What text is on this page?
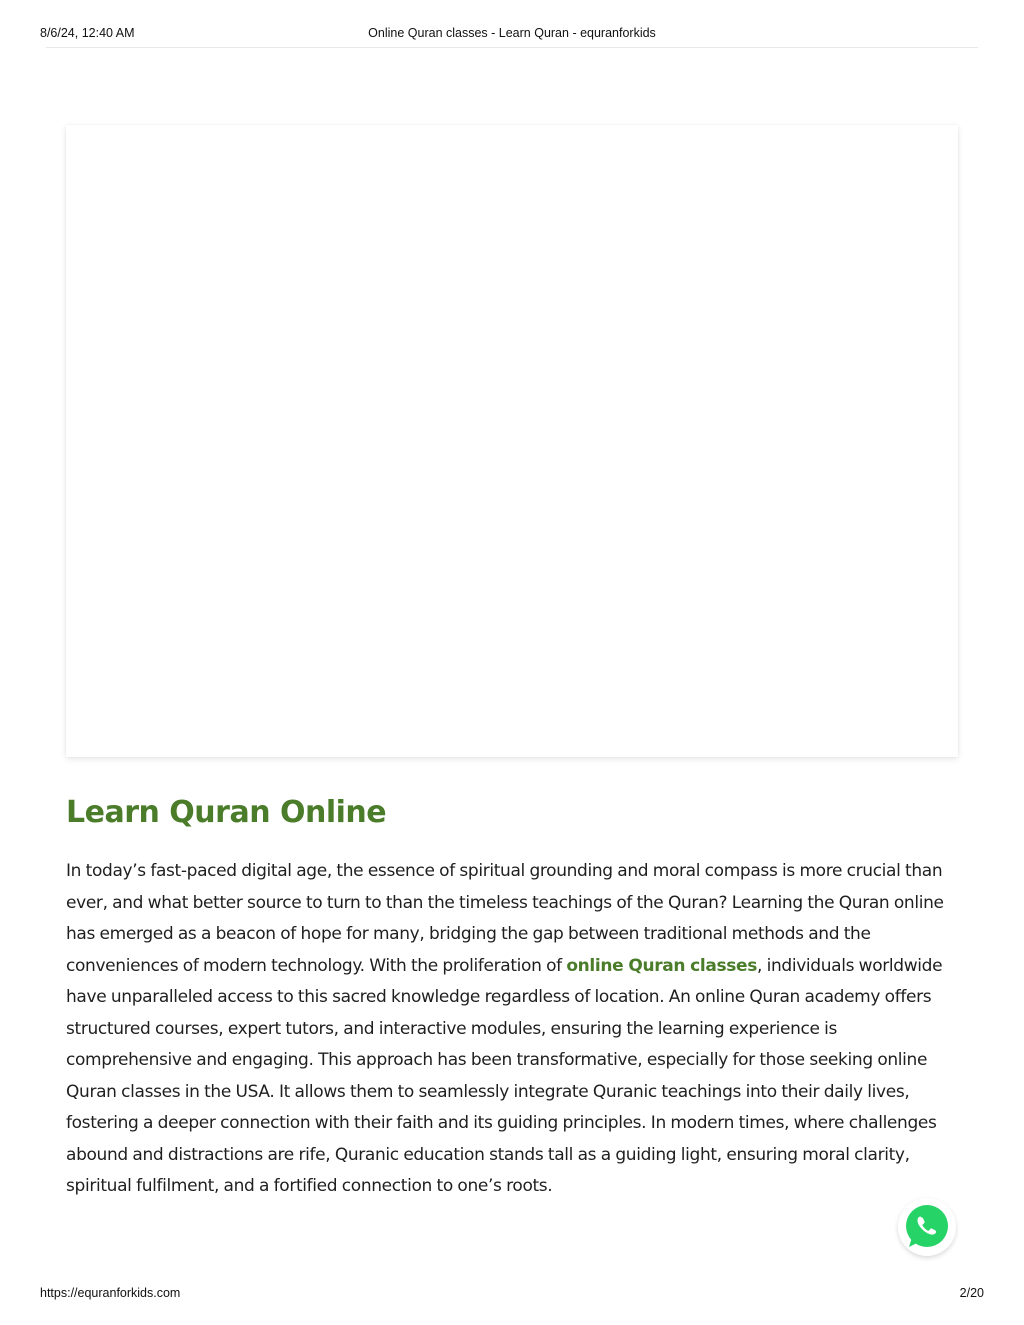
8/6/24, 12:40 AM	Online Quran classes - Learn Quran - equranforkids
Learn Quran Online

In today’s fast-paced digital age, the essence of spiritual grounding and moral compass is more crucial than ever, and what better source to turn to than the timeless teachings of the Quran? Learning the Quran online has emerged as a beacon of hope for many, bridging the gap between traditional methods and the conveniences of modern technology. With the proliferation of online Quran classes, individuals worldwide have unparalleled access to this sacred knowledge regardless of location. An online Quran academy offers structured courses, expert tutors, and interactive modules, ensuring the learning experience is comprehensive and engaging. This approach has been transformative, especially for those seeking online Quran classes in the USA. It allows them to seamlessly integrate Quranic teachings into their daily lives, fostering a deeper connection with their faith and its guiding principles. In modern times, where challenges abound and distractions are rife, Quranic education stands tall as a guiding light, ensuring moral clarity, spiritual fulfilment, and a fortified connection to one’s roots.

https://equranforkids.com	2/20
